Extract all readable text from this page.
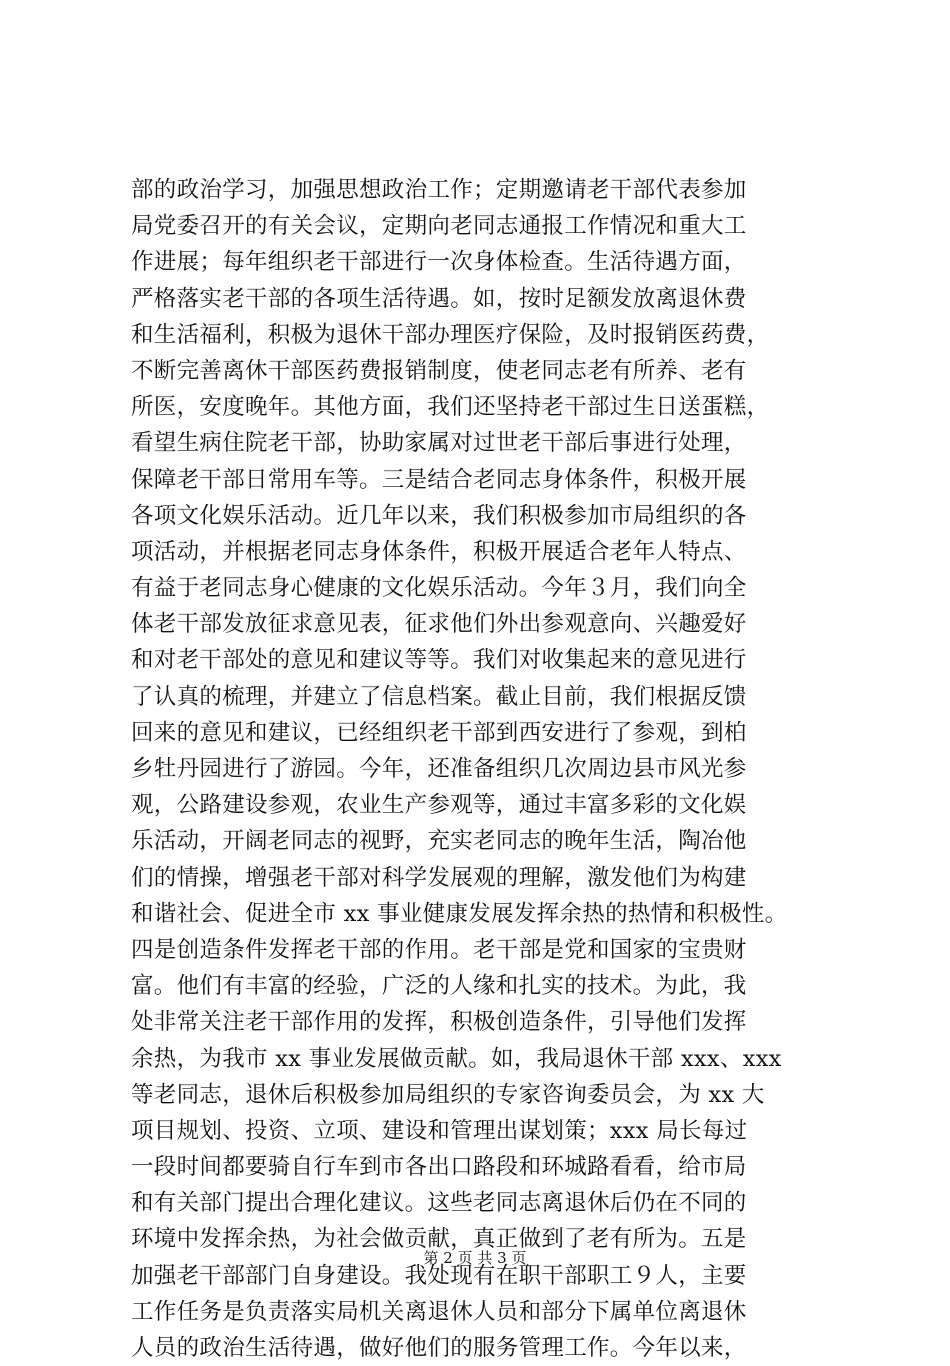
部的政治学习，加强思想政治工作；定期邀请老干部代表参加
局党委召开的有关会议，定期向老同志通报工作情况和重大工
作进展；每年组织老干部进行一次身体检查。生活待遇方面，
严格落实老干部的各项生活待遇。如，按时足额发放离退休费
和生活福利，积极为退休干部办理医疗保险，及时报销医药费，
不断完善离休干部医药费报销制度，使老同志老有所养、老有
所医，安度晚年。其他方面，我们还坚持老干部过生日送蛋糕，
看望生病住院老干部，协助家属对过世老干部后事进行处理，
保障老干部日常用车等。三是结合老同志身体条件，积极开展
各项文化娱乐活动。近几年以来，我们积极参加市局组织的各
项活动，并根据老同志身体条件，积极开展适合老年人特点、
有益于老同志身心健康的文化娱乐活动。今年３月，我们向全
体老干部发放征求意见表，征求他们外出参观意向、兴趣爱好
和对老干部处的意见和建议等等。我们对收集起来的意见进行
了认真的梳理，并建立了信息档案。截止目前，我们根据反馈
回来的意见和建议，已经组织老干部到西安进行了参观，到柏
乡牡丹园进行了游园。今年，还准备组织几次周边县市风光参
观，公路建设参观，农业生产参观等，通过丰富多彩的文化娱
乐活动，开阔老同志的视野，充实老同志的晚年生活，陶冶他
们的情操，增强老干部对科学发展观的理解，激发他们为构建
和谐社会、促进全市 xx 事业健康发展发挥余热的热情和积极性。
四是创造条件发挥老干部的作用。老干部是党和国家的宝贵财
富。他们有丰富的经验，广泛的人缘和扎实的技术。为此，我
处非常关注老干部作用的发挥，积极创造条件，引导他们发挥
余热，为我市 xx 事业发展做贡献。如，我局退休干部 xxx、xxx
等老同志，退休后积极参加局组织的专家咨询委员会，为 xx 大
项目规划、投资、立项、建设和管理出谋划策；xxx 局长每过
一段时间都要骑自行车到市各出口路段和环城路看看，给市局
和有关部门提出合理化建议。这些老同志离退休后仍在不同的
环境中发挥余热，为社会做贡献，真正做到了老有所为。五是
加强老干部部门自身建设。我处现有在职干部职工９人，主要
工作任务是负责落实局机关离退休人员和部分下属单位离退休
人员的政治生活待遇，做好他们的服务管理工作。今年以来，
第 2 页 共 3 页
